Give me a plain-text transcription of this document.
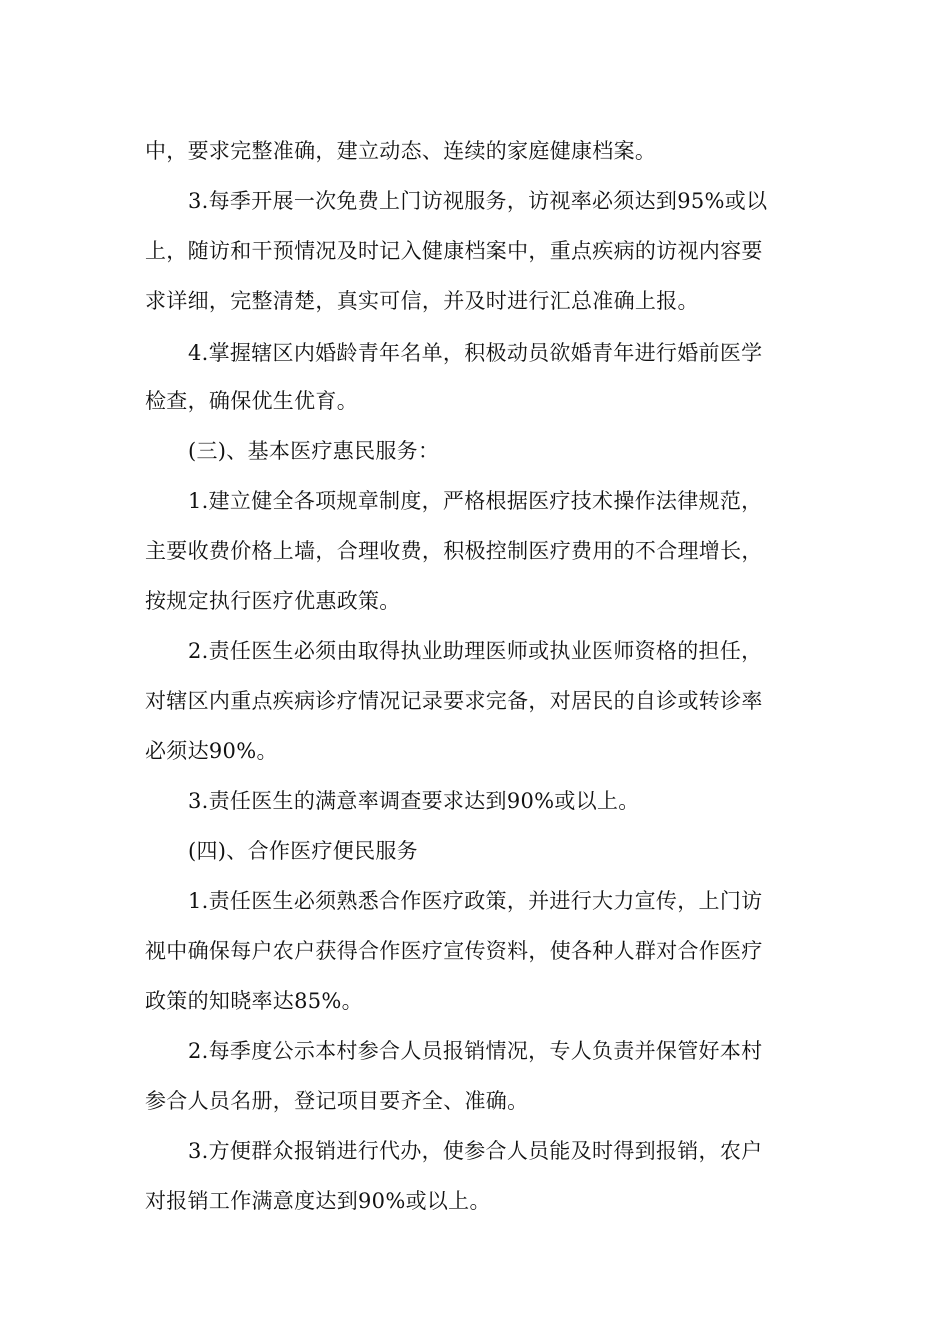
中，要求完整准确，建立动态、连续的家庭健康档案。
3.每季开展一次免费上门访视服务，访视率必须达到95%或以
上，随访和干预情况及时记入健康档案中，重点疾病的访视内容要
求详细，完整清楚，真实可信，并及时进行汇总准确上报。
4.掌握辖区内婚龄青年名单，积极动员欲婚青年进行婚前医学
检查，确保优生优育。
(三)、基本医疗惠民服务：
1.建立健全各项规章制度，严格根据医疗技术操作法律规范，
主要收费价格上墙，合理收费，积极控制医疗费用的不合理增长，
按规定执行医疗优惠政策。
2.责任医生必须由取得执业助理医师或执业医师资格的担任，
对辖区内重点疾病诊疗情况记录要求完备，对居民的自诊或转诊率
必须达90%。
3.责任医生的满意率调查要求达到90%或以上。
(四)、合作医疗便民服务
1.责任医生必须熟悉合作医疗政策，并进行大力宣传，上门访
视中确保每户农户获得合作医疗宣传资料，使各种人群对合作医疗
政策的知晓率达85%。
2.每季度公示本村参合人员报销情况，专人负责并保管好本村
参合人员名册，登记项目要齐全、准确。
3.方便群众报销进行代办，使参合人员能及时得到报销，农户
对报销工作满意度达到90%或以上。
